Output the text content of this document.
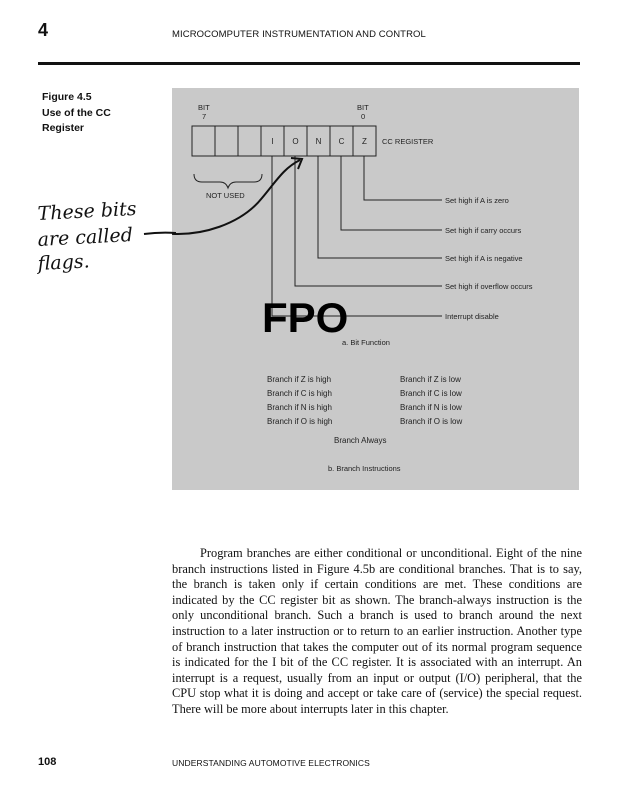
4	MICROCOMPUTER INSTRUMENTATION AND CONTROL
Figure 4.5
Use of the CC
Register
BIT
7
BIT
0
I O N C Z CC REGISTER
NOT USED
Set high if A is zero
Set high if carry occurs
Set high if A is negative
Set high if overflow occurs
Interrupt disable
FPO
a. Bit Function
Branch if Z is high
Branch if C is high
Branch if N is high
Branch if O is high
Branch if Z is low
Branch if C is low
Branch if N is low
Branch if O is low
Branch Always
b. Branch Instructions
These bits
are called
flags.
Program branches are either conditional or unconditional. Eight of the nine branch instructions listed in Figure 4.5b are conditional branches. That is to say, the branch is taken only if certain conditions are met. These conditions are indicated by the CC register bit as shown. The branch-always instruction is the only unconditional branch. Such a branch is used to branch around the next instruction to a later instruction or to return to an earlier instruction. Another type of branch instruction that takes the computer out of its normal program sequence is indicated for the I bit of the CC register. It is associated with an interrupt. An interrupt is a request, usually from an input or output (I/O) peripheral, that the CPU stop what it is doing and accept or take care of (service) the special request. There will be more about interrupts later in this chapter.
108	UNDERSTANDING AUTOMOTIVE ELECTRONICS
